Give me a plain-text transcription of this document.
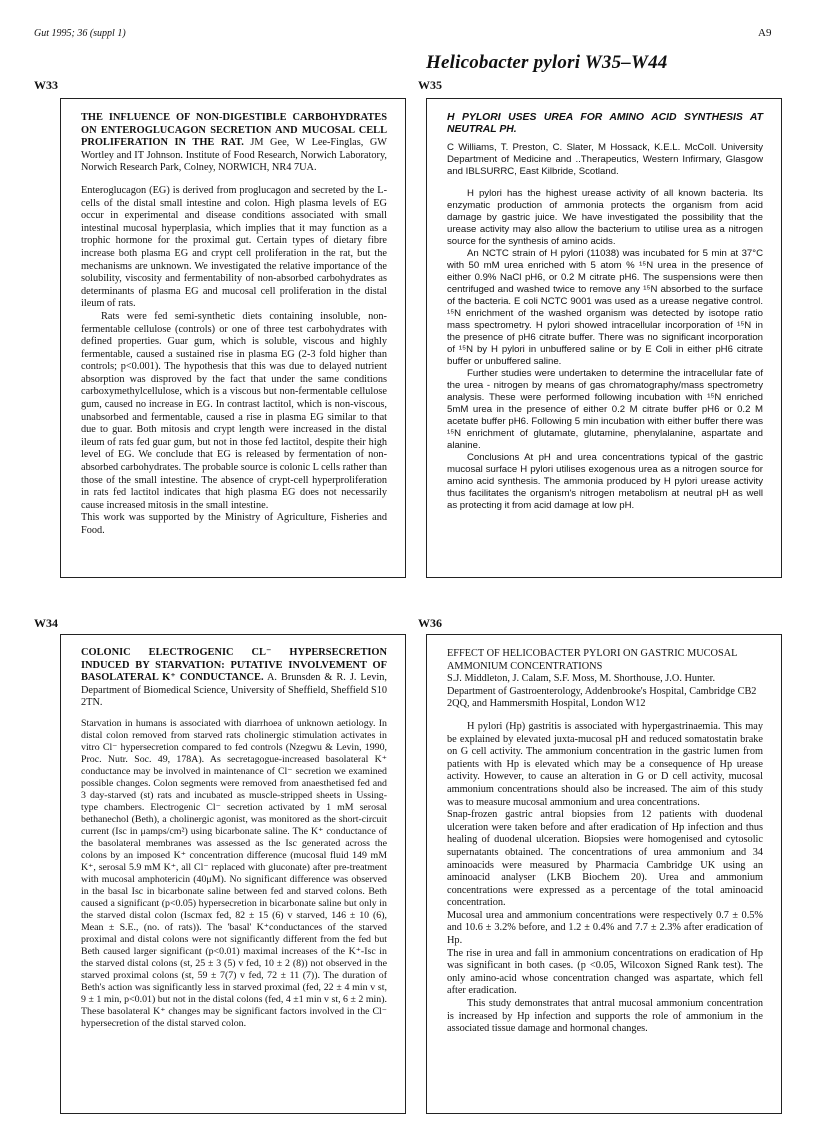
Gut 1995; 36 (suppl 1)	A9
Helicobacter pylori W35–W44
W33
THE INFLUENCE OF NON-DIGESTIBLE CARBOHYDRATES ON ENTEROGLUCAGON SECRETION AND MUCOSAL CELL PROLIFERATION IN THE RAT. JM Gee, W Lee-Finglas, GW Wortley and IT Johnson. Institute of Food Research, Norwich Laboratory, Norwich Research Park, Colney, NORWICH, NR4 7UA.

Enteroglucagon (EG) is derived from proglucagon and secreted by the L-cells of the distal small intestine and colon. High plasma levels of EG occur in experimental and disease conditions associated with small intestinal mucosal hyperplasia, which implies that it may function as a trophic hormone for the proximal gut. Certain types of dietary fibre increase both plasma EG and crypt cell proliferation in the rat, but the mechanisms are unknown. We investigated the relative importance of the solubility, viscosity and fermentability of non-absorbed carbohydrates as determinants of plasma EG and mucosal cell proliferation in the distal ileum of rats.

Rats were fed semi-synthetic diets containing insoluble, non-fermentable cellulose (controls) or one of three test carbohydrates with defined properties. Guar gum, which is soluble, viscous and highly fermentable, caused a sustained rise in plasma EG (2-3 fold higher than controls; p<0.001). The hypothesis that this was due to delayed nutrient absorption was disproved by the fact that under the same conditions carboxymethylcellulose, which is a viscous but non-fermentable cellulose gum, caused no increase in EG. In contrast lactitol, which is non-viscous, unabsorbed and fermentable, caused a rise in plasma EG similar to that due to guar. Both mitosis and crypt length were increased in the distal ileum of rats fed guar gum, but not in those fed lactitol, despite their high level of EG. We conclude that EG is released by fermentation of non-absorbed carbohydrates. The probable source is colonic L cells rather than those of the small intestine. The absence of crypt-cell hyperproliferation in rats fed lactitol indicates that high plasma EG does not necessarily cause increased mitosis in the small intestine.

This work was supported by the Ministry of Agriculture, Fisheries and Food.

W35
H PYLORI USES UREA FOR AMINO ACID SYNTHESIS AT NEUTRAL PH.
C Williams, T. Preston, C. Slater, M Hossack, K.E.L. McColl. University Department of Medicine and ..Therapeutics, Western Infirmary, Glasgow and IBLSURRC, East Kilbride, Scotland.

H pylori has the highest urease activity of all known bacteria. Its enzymatic production of ammonia protects the organism from acid damage by gastric juice. We have investigated the possibility that the urease activity may also allow the bacterium to utilise urea as a nitrogen source for the synthesis of amino acids.

An NCTC strain of H pylori (11038) was incubated for 5 min at 37°C with 50 mM urea enriched with 5 atom % ¹⁵N urea in the presence of either 0.9% NaCl pH6, or 0.2 M citrate pH6. The suspensions were then centrifuged and washed twice to remove any ¹⁵N absorbed to the surface of the bacteria. E coli NCTC 9001 was used as a urease negative control. ¹⁵N enrichment of the washed organism was detected by isotope ratio mass spectrometry. H pylori showed intracellular incorporation of ¹⁵N in the presence of pH6 citrate buffer. There was no significant incorporation of ¹⁵N by H pylori in unbuffered saline or by E Coli in either pH6 citrate buffer or unbuffered saline.

Further studies were undertaken to determine the intracellular fate of the urea - nitrogen by means of gas chromatography/mass spectrometry analysis. These were performed following incubation with ¹⁵N enriched 5mM urea in the presence of either 0.2 M citrate buffer pH6 or 0.2 M acetate buffer pH6. Following 5 min incubation with either buffer there was ¹⁵N enrichment of glutamate, glutamine, phenylalanine, aspartate and alanine.

Conclusions At pH and urea concentrations typical of the gastric mucosal surface H pylori utilises exogenous urea as a nitrogen source for amino acid synthesis. The ammonia produced by H pylori urease activity thus facilitates the organism's nitrogen metabolism at neutral pH as well as protecting it from acid damage at low pH.

W34
COLONIC ELECTROGENIC CL⁻ HYPERSECRETION INDUCED BY STARVATION: PUTATIVE INVOLVEMENT OF BASOLATERAL K⁺ CONDUCTANCE. A. Brunsden & R. J. Levin, Department of Biomedical Science, University of Sheffield, Sheffield S10 2TN.

Starvation in humans is associated with diarrhoea of unknown aetiology. In distal colon removed from starved rats cholinergic stimulation activates in vitro Cl⁻ hypersecretion compared to fed controls (Nzegwu & Levin, 1990, Proc. Nutr. Soc. 49, 178A). As secretagogue-increased basolateral K⁺ conductance may be involved in maintenance of Cl⁻ secretion we examined possible changes. Colon segments were removed from anaesthetised fed and 3 day-starved (st) rats and incubated as muscle-stripped sheets in Ussing-type chambers. Electrogenic Cl⁻ secretion activated by 1 mM serosal bethanechol (Beth), a cholinergic agonist, was monitored as the short-circuit current (Isc in μamps/cm²) using bicarbonate saline. The K⁺ conductance of the basolateral membranes was assessed as the Isc generated across the colons by an imposed K⁺ concentration difference (mucosal fluid 149 mM K⁺, serosal 5.9 mM K⁺, all Cl⁻ replaced with gluconate) after pre-treatment with mucosal amphotericin (40μM). No significant difference was observed in the basal Isc in bicarbonate saline between fed and starved colons. Beth caused a significant (p<0.05) hypersecretion in bicarbonate saline but only in the starved distal colon (Iscmax fed, 82 ± 15 (6) v starved, 146 ± 10 (6), Mean ± S.E., (no. of rats)). The 'basal' K⁺conductances of the starved proximal and distal colons were not significantly different from the fed but Beth caused larger significant (p<0.01) maximal increases of the K⁺-Isc in the starved distal colons (st, 25 ± 3 (5) v fed, 10 ± 2 (8)) not observed in the starved proximal colons (st, 59 ± 7(7) v fed, 72 ± 11 (7)). The duration of Beth's action was significantly less in starved proximal (fed, 22 ± 4 min v st, 9 ± 1 min, p<0.01) but not in the distal colons (fed, 4 ±1 min v st, 6 ± 2 min). These basolateral K⁺ changes may be significant factors involved in the Cl⁻ hypersecretion of the distal starved colon.

W36
EFFECT OF HELICOBACTER PYLORI ON GASTRIC MUCOSAL AMMONIUM CONCENTRATIONS
S.J. Middleton, J. Calam, S.F. Moss, M. Shorthouse, J.O. Hunter. Department of Gastroenterology, Addenbrooke's Hospital, Cambridge CB2 2QQ, and Hammersmith Hospital, London W12

H pylori (Hp) gastritis is associated with hypergastrinaemia. This may be explained by elevated juxta-mucosal pH and reduced somatostatin brake on G cell activity. The ammonium concentration in the gastric lumen from patients with Hp is elevated which may be a consequence of Hp urease activity. However, to cause an alteration in G or D cell activity, mucosal ammonium concentrations should also be increased. The aim of this study was to measure mucosal ammonium and urea concentrations.

Snap-frozen gastric antral biopsies from 12 patients with duodenal ulceration were taken before and after eradication of Hp infection and thus healing of duodenal ulceration. Biopsies were homogenised and cytosolic supernatants obtained. The concentrations of urea ammonium and 34 aminoacids were measured by Pharmacia Cambridge UK using an aminoacid analyser (LKB Biochem 20). Urea and ammonium concentrations were expressed as a percentage of the total aminoacid concentration.

Mucosal urea and ammonium concentrations were respectively 0.7 ± 0.5% and 10.6 ± 3.2% before, and 1.2 ± 0.4% and 7.7 ± 2.3% after eradication of Hp.

The rise in urea and fall in ammonium concentrations on eradication of Hp was significant in both cases. (p <0.05, Wilcoxon Signed Rank test). The only amino-acid whose concentration changed was aspartate, which fell after eradication.

This study demonstrates that antral mucosal ammonium concentration is increased by Hp infection and supports the role of ammonium in the associated tissue damage and hormonal changes.
